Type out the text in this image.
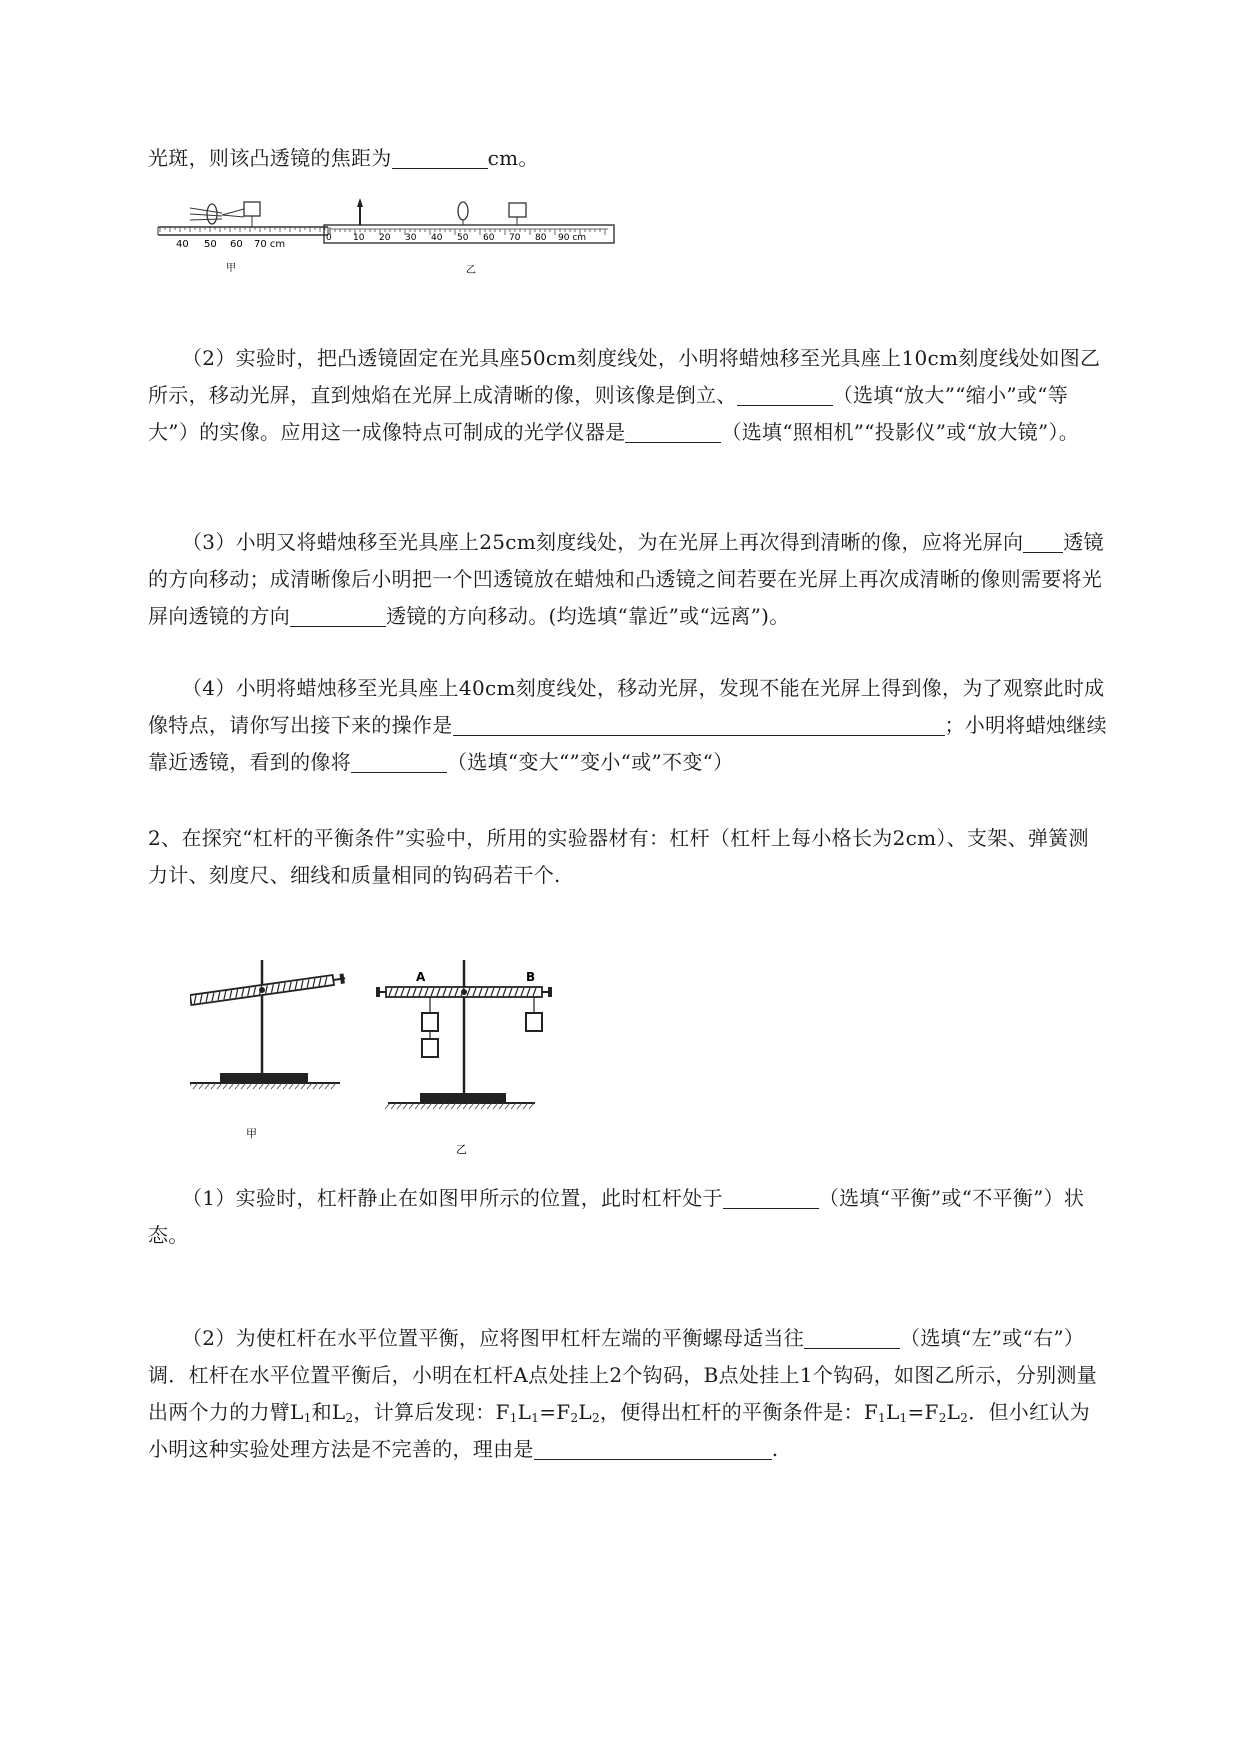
光斑，则该凸透镜的焦距为	cm。
40 50 60 70 cm
甲
0 10 20 30 40 50 60 70 80 90 cm
乙
（2）实验时，把凸透镜固定在光具座50cm刻度线处，小明将蜡烛移至光具座上10cm刻度线处如图乙所示，移动光屏，直到烛焰在光屏上成清晰的像，则该像是倒立、	（选填“放大”“缩小”或“等大”）的实像。应用这一成像特点可制成的光学仪器是	（选填“照相机”“投影仪”或“放大镜”）。
（3）小明又将蜡烛移至光具座上25cm刻度线处，为在光屏上再次得到清晰的像，应将光屏向 透镜的方向移动；成清晰像后小明把一个凹透镜放在蜡烛和凸透镜之间若要在光屏上再次成清晰的像则需要将光屏向透镜的方向	透镜的方向移动。(均选填“靠近”或“远离”)。
（4）小明将蜡烛移至光具座上40cm刻度线处，移动光屏，发现不能在光屏上得到像，为了观察此时成像特点，请你写出接下来的操作是	；小明将蜡烛继续靠近透镜，看到的像将	（选填“变大“”变小“或”不变“）
2、在探究“杠杆的平衡条件”实验中，所用的实验器材有：杠杆（杠杆上每小格长为2cm）、支架、弹簧测力计、刻度尺、细线和质量相同的钩码若干个.
甲
A	B
乙
（1）实验时，杠杆静止在如图甲所示的位置，此时杠杆处于	（选填“平衡”或“不平衡”）状态。
（2）为使杠杆在水平位置平衡，应将图甲杠杆左端的平衡螺母适当往	（选填“左”或“右”）调．杠杆在水平位置平衡后，小明在杠杆A点处挂上2个钩码，B点处挂上1个钩码，如图乙所示，分别测量出两个力的力臂$L_1$和$L_2$，计算后发现：$F_1L_1=F_2L_2$，便得出杠杆的平衡条件是：$F_1L_1=F_2L_2$．但小红认为小明这种实验处理方法是不完善的，理由是	.
